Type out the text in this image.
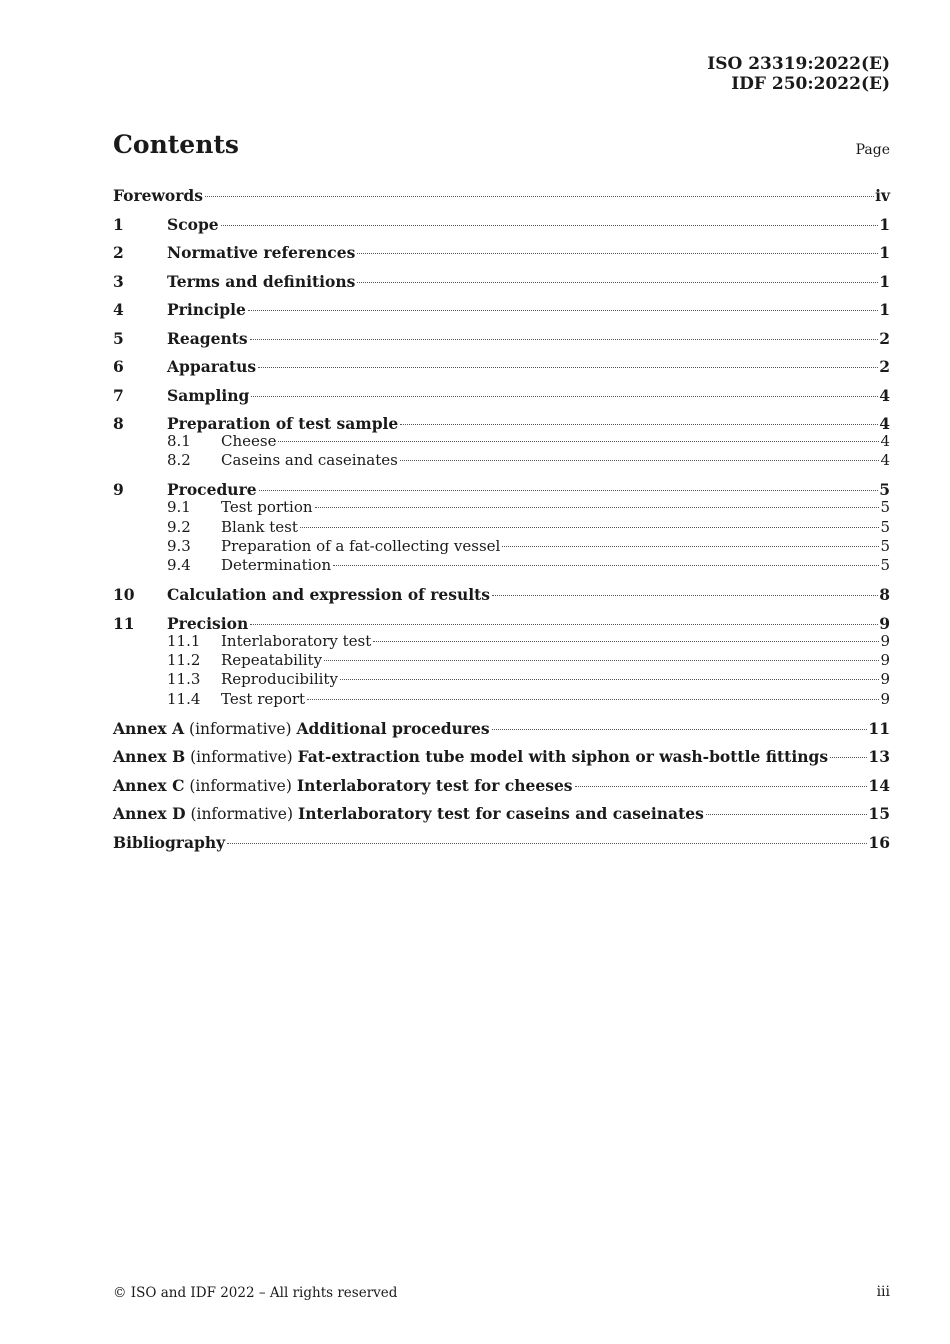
ISO 23319:2022(E)
IDF 250:2022(E)
Contents	Page
Forewords	iv
1	Scope	1
2	Normative references	1
3	Terms and definitions	1
4	Principle	1
5	Reagents	2
6	Apparatus	2
7	Sampling	4
8	Preparation of test sample	4
8.1	Cheese	4
8.2	Caseins and caseinates	4
9	Procedure	5
9.1	Test portion	5
9.2	Blank test	5
9.3	Preparation of a fat-collecting vessel	5
9.4	Determination	5
10	Calculation and expression of results	8
11	Precision	9
11.1	Interlaboratory test	9
11.2	Repeatability	9
11.3	Reproducibility	9
11.4	Test report	9
Annex A (informative) Additional procedures	11
Annex B (informative) Fat-extraction tube model with siphon or wash-bottle fittings	13
Annex C (informative) Interlaboratory test for cheeses	14
Annex D (informative) Interlaboratory test for caseins and caseinates	15
Bibliography	16
© ISO and IDF 2022 – All rights reserved	iii
